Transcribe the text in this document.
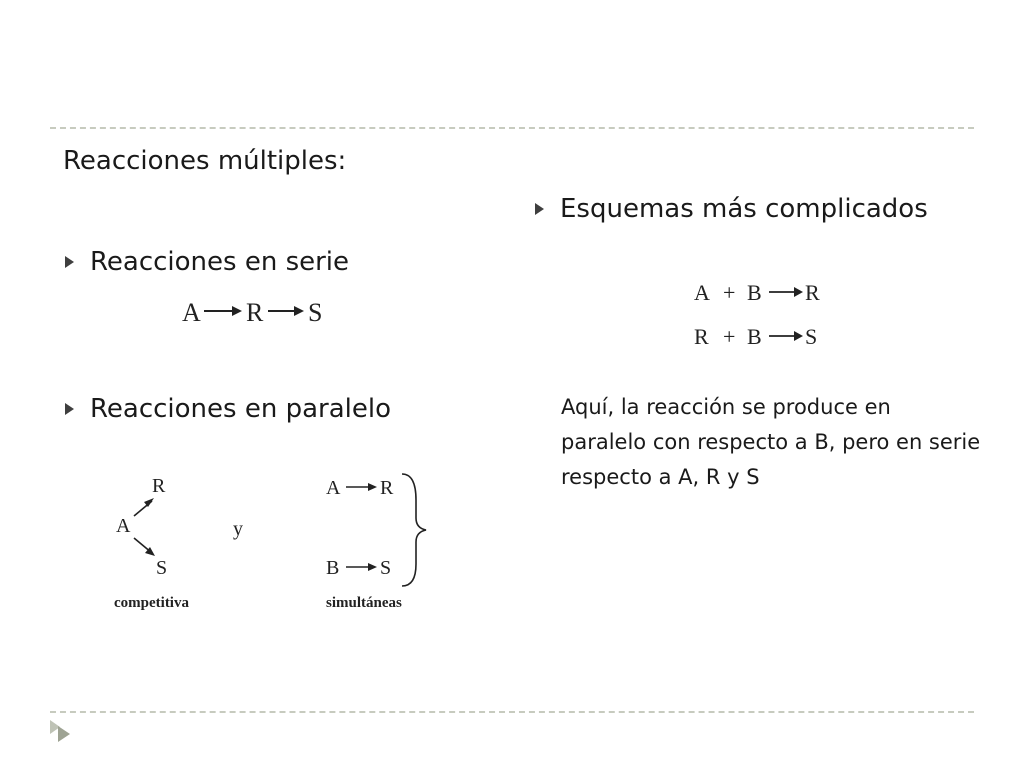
Reacciones múltiples:
Reacciones en serie
A R S
Reacciones en paralelo
R
A
S
competitiva
y
A R
B S
simultáneas
Esquemas más complicados
A + B R
R + B S
Aquí, la reacción se produce en paralelo con respecto a B, pero en serie respecto a A, R y S
